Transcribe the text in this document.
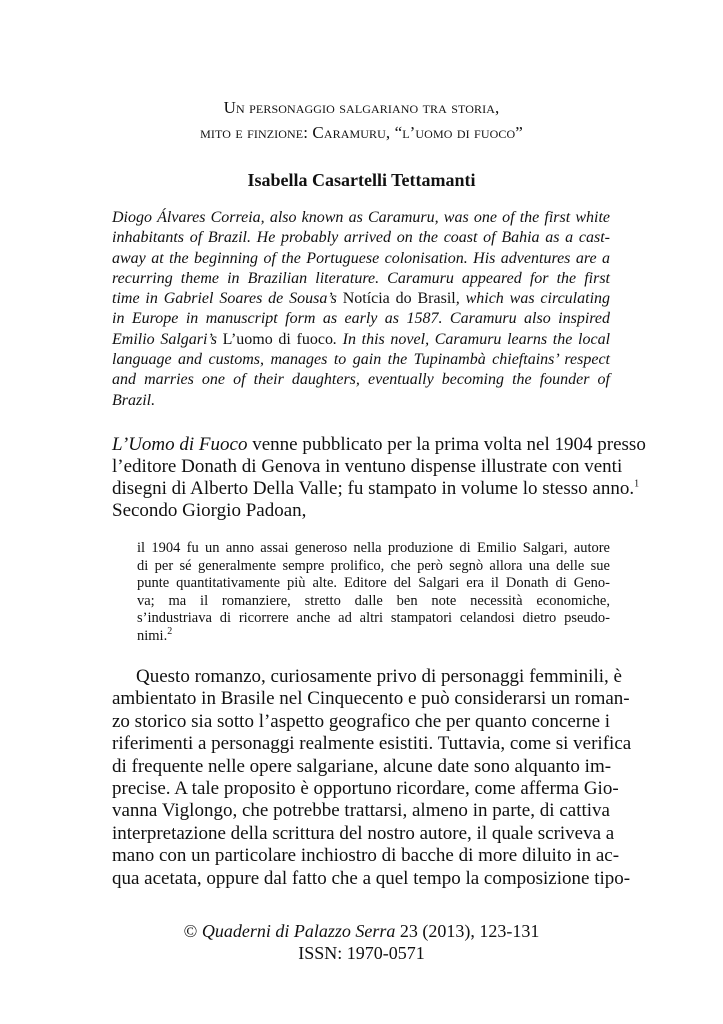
Un personaggio salgariano tra storia,
mito e finzione: Caramuru, “l’uomo di fuoco”
Isabella Casartelli Tettamanti
Diogo Álvares Correia, also known as Caramuru, was one of the first white
inhabitants of Brazil. He probably arrived on the coast of Bahia as a cast-
away at the beginning of the Portuguese colonisation. His adventures are a
recurring theme in Brazilian literature. Caramuru appeared for the first
time in Gabriel Soares de Sousa’s Notícia do Brasil, which was circulating
in Europe in manuscript form as early as 1587. Caramuru also inspired
Emilio Salgari’s L’uomo di fuoco. In this novel, Caramuru learns the local
language and customs, manages to gain the Tupinambà chieftains’ respect
and marries one of their daughters, eventually becoming the founder of
Brazil.
L’Uomo di Fuoco venne pubblicato per la prima volta nel 1904 presso
l’editore Donath di Genova in ventuno dispense illustrate con venti
disegni di Alberto Della Valle; fu stampato in volume lo stesso anno.$^1$
Secondo Giorgio Padoan,
il 1904 fu un anno assai generoso nella produzione di Emilio Salgari, autore
di per sé generalmente sempre prolifico, che però segnò allora una delle sue
punte quantitativamente più alte. Editore del Salgari era il Donath di Geno-
va; ma il romanziere, stretto dalle ben note necessità economiche,
s’industriava di ricorrere anche ad altri stampatori celandosi dietro pseudo-
nimi.$^2$
Questo romanzo, curiosamente privo di personaggi femminili, è
ambientato in Brasile nel Cinquecento e può considerarsi un roman-
zo storico sia sotto l’aspetto geografico che per quanto concerne i
riferimenti a personaggi realmente esistiti. Tuttavia, come si verifica
di frequente nelle opere salgariane, alcune date sono alquanto im-
precise. A tale proposito è opportuno ricordare, come afferma Gio-
vanna Viglongo, che potrebbe trattarsi, almeno in parte, di cattiva
interpretazione della scrittura del nostro autore, il quale scriveva a
mano con un particolare inchiostro di bacche di more diluito in ac-
qua acetata, oppure dal fatto che a quel tempo la composizione tipo-
© Quaderni di Palazzo Serra 23 (2013), 123-131
ISSN: 1970-0571
